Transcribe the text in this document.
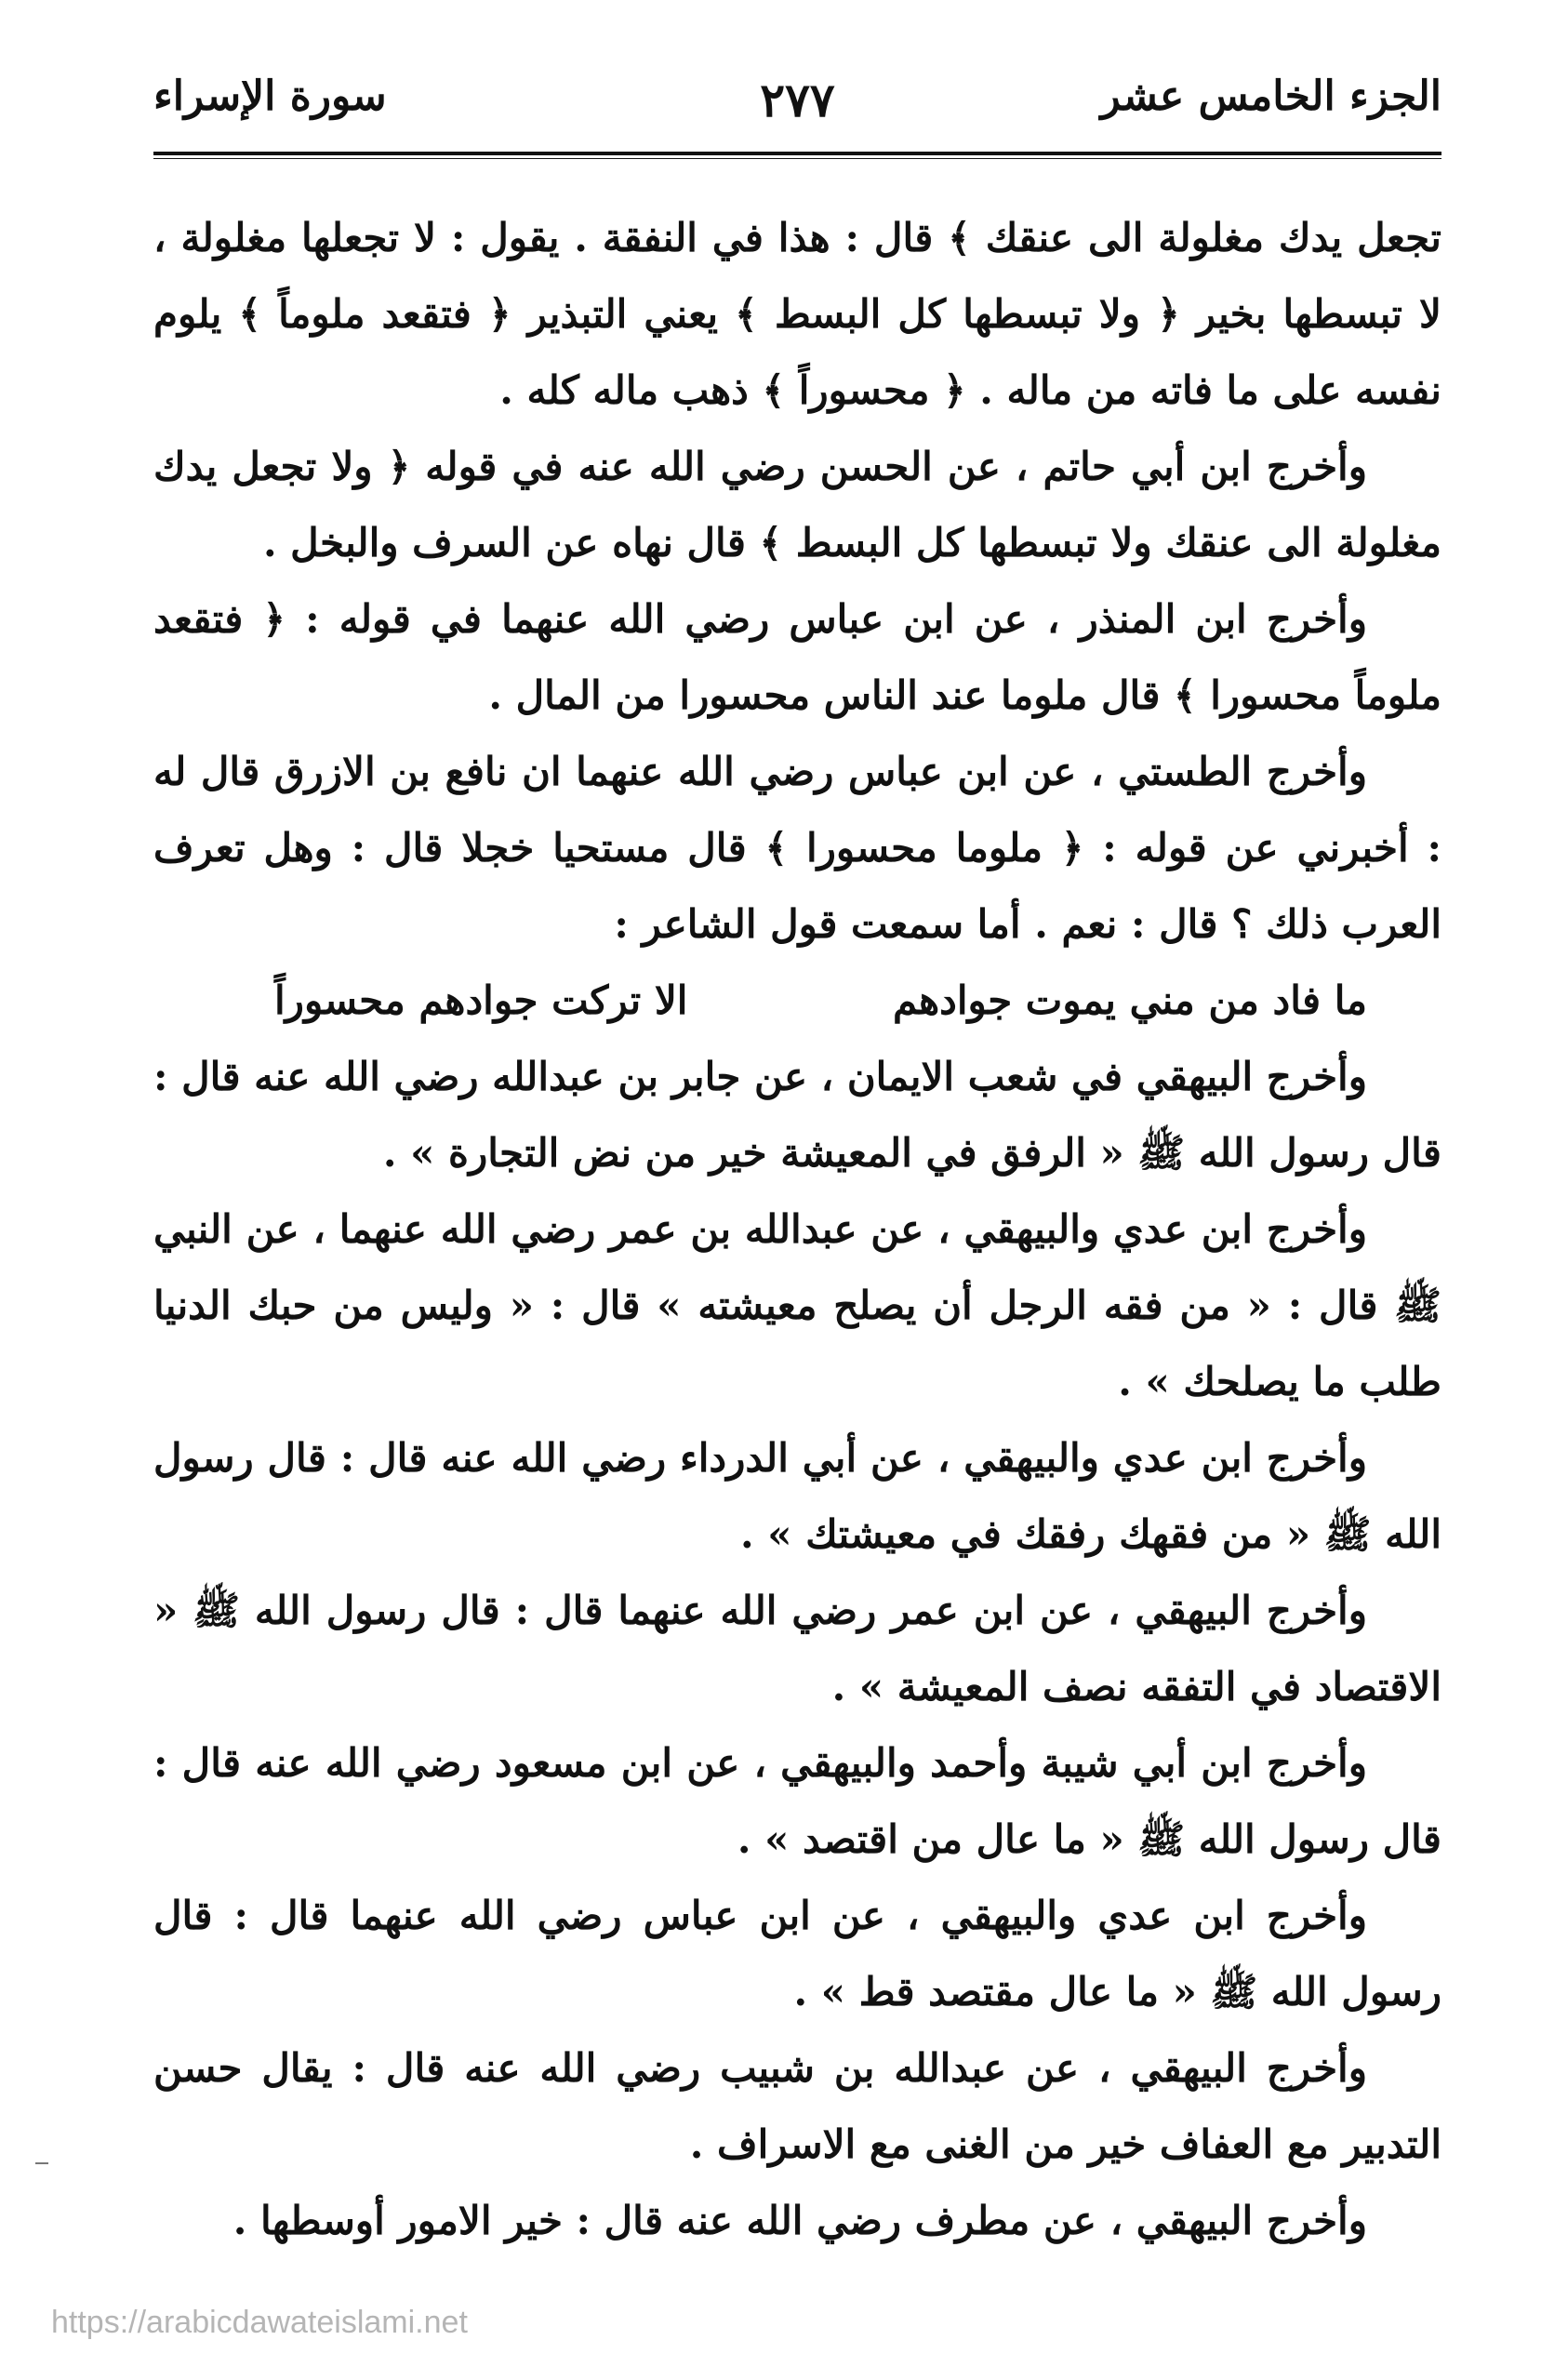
الجزء الخامس عشر
٢٧٧
سورة الإسراء

تجعل يدك مغلولة الى عنقك ﴾ قال : هذا في النفقة . يقول : لا تجعلها مغلولة ، لا تبسطها بخير ﴿ ولا تبسطها كل البسط ﴾ يعني التبذير ﴿ فتقعد ملوماً ﴾ يلوم نفسه على ما فاته من ماله . ﴿ محسوراً ﴾ ذهب ماله كله .

وأخرج ابن أبي حاتم ، عن الحسن رضي الله عنه في قوله ﴿ ولا تجعل يدك مغلولة الى عنقك ولا تبسطها كل البسط ﴾ قال نهاه عن السرف والبخل .

وأخرج ابن المنذر ، عن ابن عباس رضي الله عنهما في قوله : ﴿ فتقعد ملوماً محسورا ﴾ قال ملوما عند الناس محسورا من المال .

وأخرج الطستي ، عن ابن عباس رضي الله عنهما ان نافع بن الازرق قال له : أخبرني عن قوله : ﴿ ملوما محسورا ﴾ قال مستحيا خجلا قال : وهل تعرف العرب ذلك ؟ قال : نعم . أما سمعت قول الشاعر :

ما فاد من مني يموت جوادهم
الا تركت جوادهم محسوراً

وأخرج البيهقي في شعب الايمان ، عن جابر بن عبدالله رضي الله عنه قال : قال رسول الله ﷺ « الرفق في المعيشة خير من نض التجارة » .

وأخرج ابن عدي والبيهقي ، عن عبدالله بن عمر رضي الله عنهما ، عن النبي ﷺ قال : « من فقه الرجل أن يصلح معيشته » قال : « وليس من حبك الدنيا طلب ما يصلحك » .

وأخرج ابن عدي والبيهقي ، عن أبي الدرداء رضي الله عنه قال : قال رسول الله ﷺ « من فقهك رفقك في معيشتك » .

وأخرج البيهقي ، عن ابن عمر رضي الله عنهما قال : قال رسول الله ﷺ « الاقتصاد في التفقه نصف المعيشة » .

وأخرج ابن أبي شيبة وأحمد والبيهقي ، عن ابن مسعود رضي الله عنه قال : قال رسول الله ﷺ « ما عال من اقتصد » .

وأخرج ابن عدي والبيهقي ، عن ابن عباس رضي الله عنهما قال : قال رسول الله ﷺ « ما عال مقتصد قط » .

وأخرج البيهقي ، عن عبدالله بن شبيب رضي الله عنه قال : يقال حسن التدبير مع العفاف خير من الغنى مع الاسراف .

وأخرج البيهقي ، عن مطرف رضي الله عنه قال : خير الامور أوسطها .

https://arabicdawateislami.net
